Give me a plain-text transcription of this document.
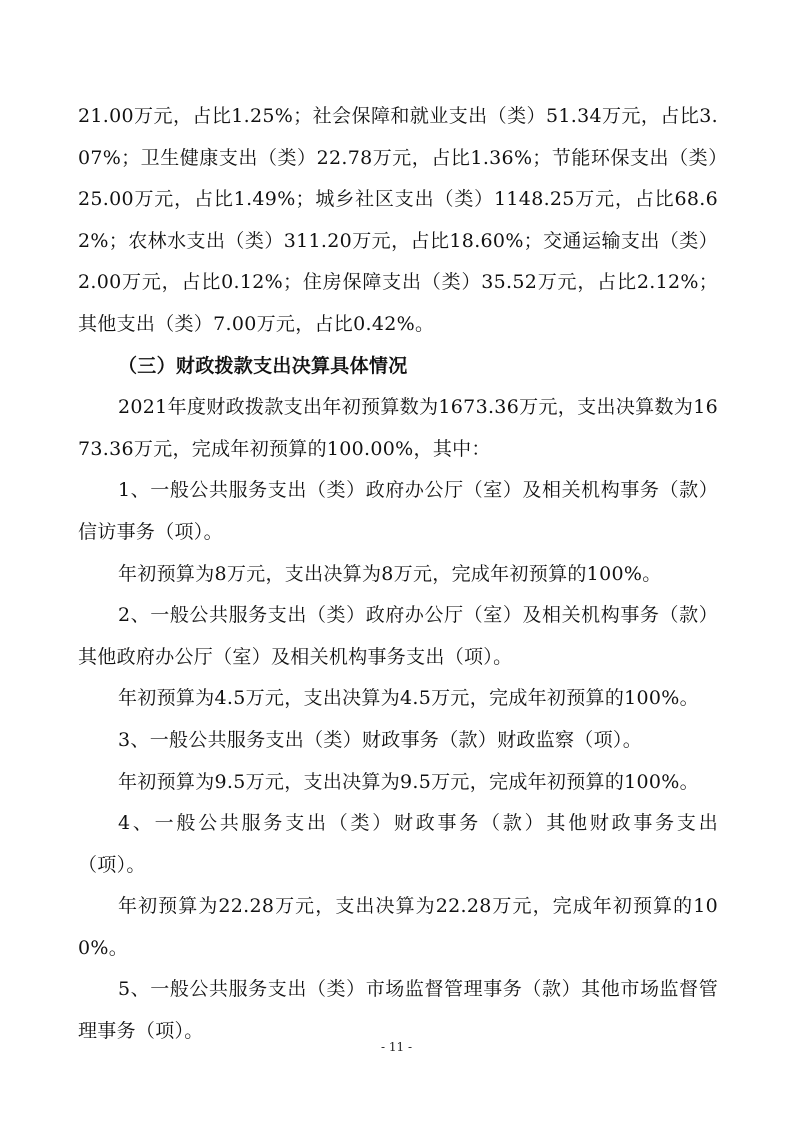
21.00万元，占比1.25%；社会保障和就业支出（类）51.34万元，占比3.07%；卫生健康支出（类）22.78万元，占比1.36%；节能环保支出（类）25.00万元，占比1.49%；城乡社区支出（类）1148.25万元，占比68.62%；农林水支出（类）311.20万元，占比18.60%；交通运输支出（类）2.00万元，占比0.12%；住房保障支出（类）35.52万元，占比2.12%；其他支出（类）7.00万元，占比0.42%。

（三）财政拨款支出决算具体情况

2021年度财政拨款支出年初预算数为1673.36万元，支出决算数为1673.36万元，完成年初预算的100.00%，其中：

1、一般公共服务支出（类）政府办公厅（室）及相关机构事务（款）信访事务（项）。

年初预算为8万元，支出决算为8万元，完成年初预算的100%。

2、一般公共服务支出（类）政府办公厅（室）及相关机构事务（款）其他政府办公厅（室）及相关机构事务支出（项）。

年初预算为4.5万元，支出决算为4.5万元，完成年初预算的100%。

3、一般公共服务支出（类）财政事务（款）财政监察（项）。

年初预算为9.5万元，支出决算为9.5万元，完成年初预算的100%。

4、一般公共服务支出（类）财政事务（款）其他财政事务支出（项）。

年初预算为22.28万元，支出决算为22.28万元，完成年初预算的100%。

5、一般公共服务支出（类）市场监督管理事务（款）其他市场监督管理事务（项）。

- 11 -
